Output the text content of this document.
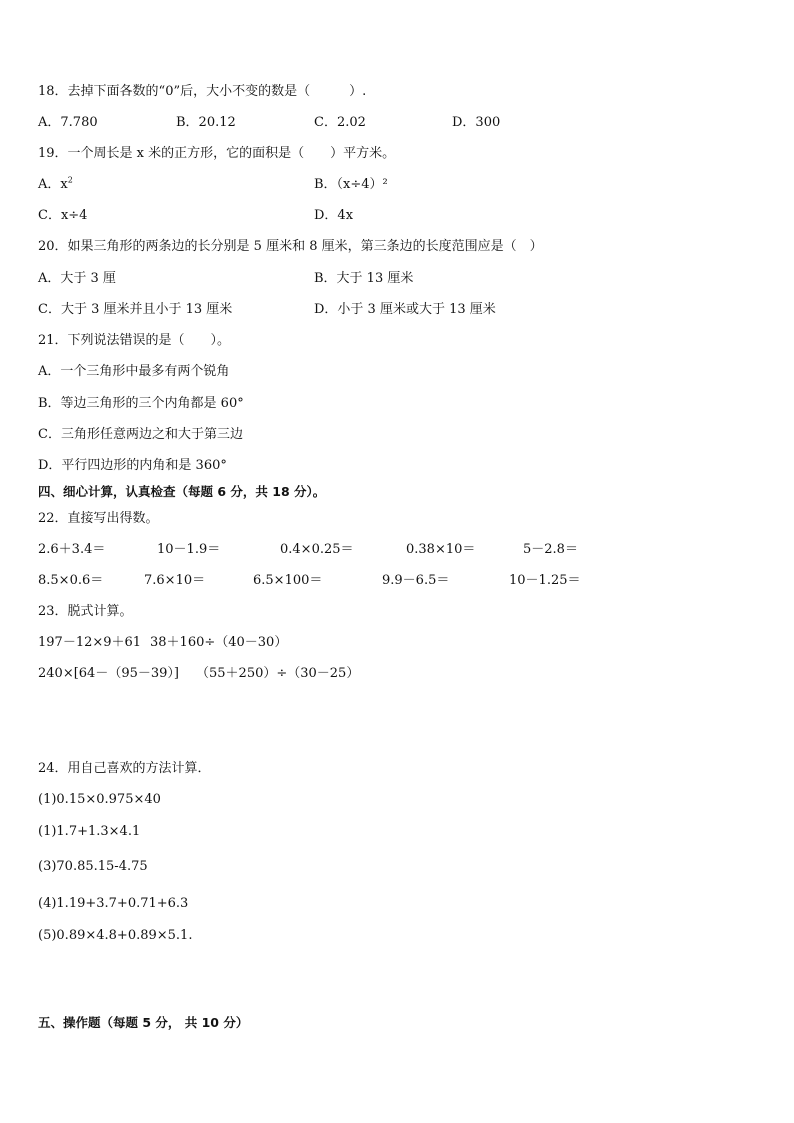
18．去掉下面各数的“0”后，大小不变的数是（　　　）.
A．7.780	B．20.12	C．2.02	D．300
19．一个周长是 x 米的正方形，它的面积是（　　）平方米。
A．$x^2$	B．（x÷4）²
C．x÷4	D．4x
20．如果三角形的两条边的长分别是 5 厘米和 8 厘米，第三条边的长度范围应是（　）
A．大于 3 厘	B．大于 13 厘米
C．大于 3 厘米并且小于 13 厘米	D．小于 3 厘米或大于 13 厘米
21．下列说法错误的是（　　）。
A．一个三角形中最多有两个锐角
B．等边三角形的三个内角都是 60°
C．三角形任意两边之和大于第三边
D．平行四边形的内角和是 360°
四、细心计算，认真检查（每题 6 分，共 18 分）。
22．直接写出得数。
2.6＋3.4＝	10－1.9＝	0.4×0.25＝	0.38×10＝	5－2.8＝
8.5×0.6＝	7.6×10＝	6.5×100＝	9.9－6.5＝	10－1.25＝
23．脱式计算。
197－12×9＋61 38＋160÷（40－30）
240×[64－（95－39）] （55＋250）÷（30－25）
24．用自己喜欢的方法计算．
(1)0.15×0.975×40
(1)1.7+1.3×4.1
(3)70.85.15-4.75
(4)1.19+3.7+0.71+6.3
(5)0.89×4.8+0.89×5.1.
五、操作题（每题 5 分， 共 10 分）
